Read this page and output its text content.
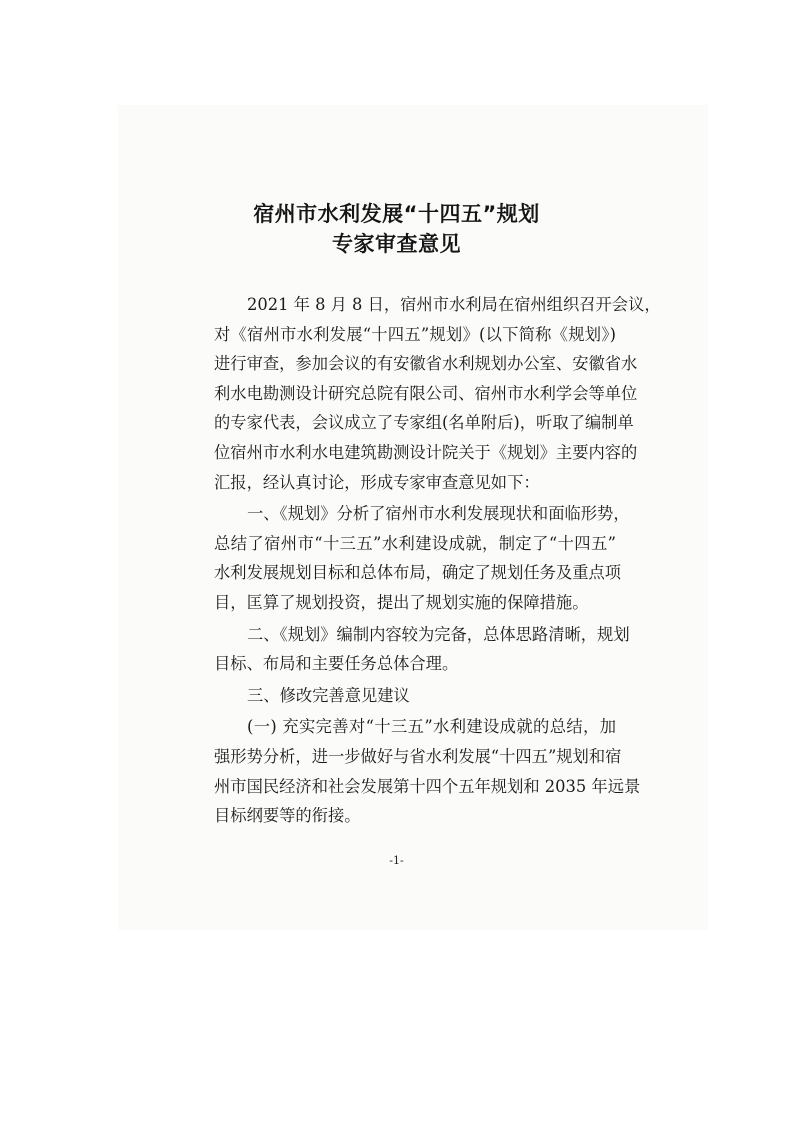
宿州市水利发展“十四五”规划
专家审查意见
2021 年 8 月 8 日，宿州市水利局在宿州组织召开会议，
对《宿州市水利发展“十四五”规划》(以下简称《规划》)
进行审查，参加会议的有安徽省水利规划办公室、安徽省水
利水电勘测设计研究总院有限公司、宿州市水利学会等单位
的专家代表，会议成立了专家组(名单附后)，听取了编制单
位宿州市水利水电建筑勘测设计院关于《规划》主要内容的
汇报，经认真讨论，形成专家审查意见如下：
一、《规划》分析了宿州市水利发展现状和面临形势，
总结了宿州市“十三五”水利建设成就，制定了“十四五”
水利发展规划目标和总体布局，确定了规划任务及重点项
目，匡算了规划投资，提出了规划实施的保障措施。
二、《规划》编制内容较为完备，总体思路清晰，规划
目标、布局和主要任务总体合理。
三、修改完善意见建议
(一) 充实完善对“十三五”水利建设成就的总结，加
强形势分析，进一步做好与省水利发展“十四五”规划和宿
州市国民经济和社会发展第十四个五年规划和 2035 年远景
目标纲要等的衔接。
-1-
